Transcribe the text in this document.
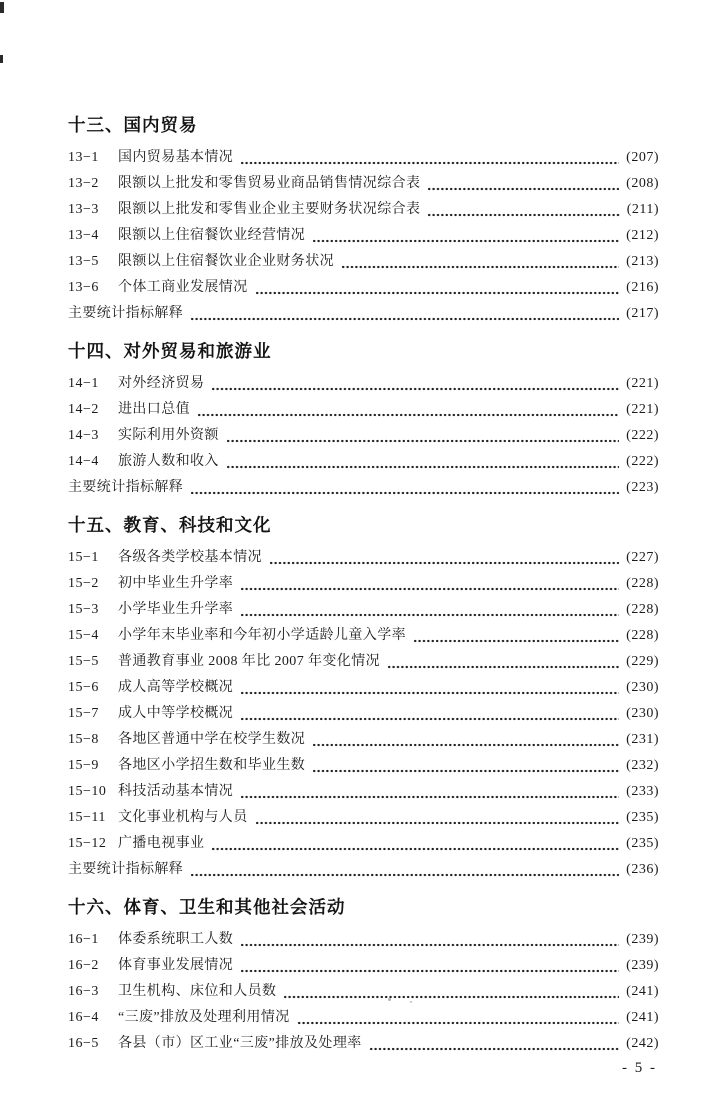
十三、国内贸易
13−1	国内贸易基本情况	(207)
13−2	限额以上批发和零售贸易业商品销售情况综合表	(208)
13−3	限额以上批发和零售业企业主要财务状况综合表	(211)
13−4	限额以上住宿餐饮业经营情况	(212)
13−5	限额以上住宿餐饮业企业财务状况	(213)
13−6	个体工商业发展情况	(216)
主要统计指标解释	(217)
十四、对外贸易和旅游业
14−1	对外经济贸易	(221)
14−2	进出口总值	(221)
14−3	实际利用外资额	(222)
14−4	旅游人数和收入	(222)
主要统计指标解释	(223)
十五、教育、科技和文化
15−1	各级各类学校基本情况	(227)
15−2	初中毕业生升学率	(228)
15−3	小学毕业生升学率	(228)
15−4	小学年末毕业率和今年初小学适龄儿童入学率	(228)
15−5	普通教育事业 2008 年比 2007 年变化情况	(229)
15−6	成人高等学校概况	(230)
15−7	成人中等学校概况	(230)
15−8	各地区普通中学在校学生数况	(231)
15−9	各地区小学招生数和毕业生数	(232)
15−10 科技活动基本情况	(233)
15−11 文化事业机构与人员	(235)
15−12 广播电视事业	(235)
主要统计指标解释	(236)
十六、体育、卫生和其他社会活动
16−1	体委系统职工人数	(239)
16−2	体育事业发展情况	(239)
16−3	卫生机构、床位和人员数	(241)
16−4	“三废”排放及处理利用情况	(241)
16−5	各县（市）区工业“三废”排放及处理率	(242)
- 5 -
